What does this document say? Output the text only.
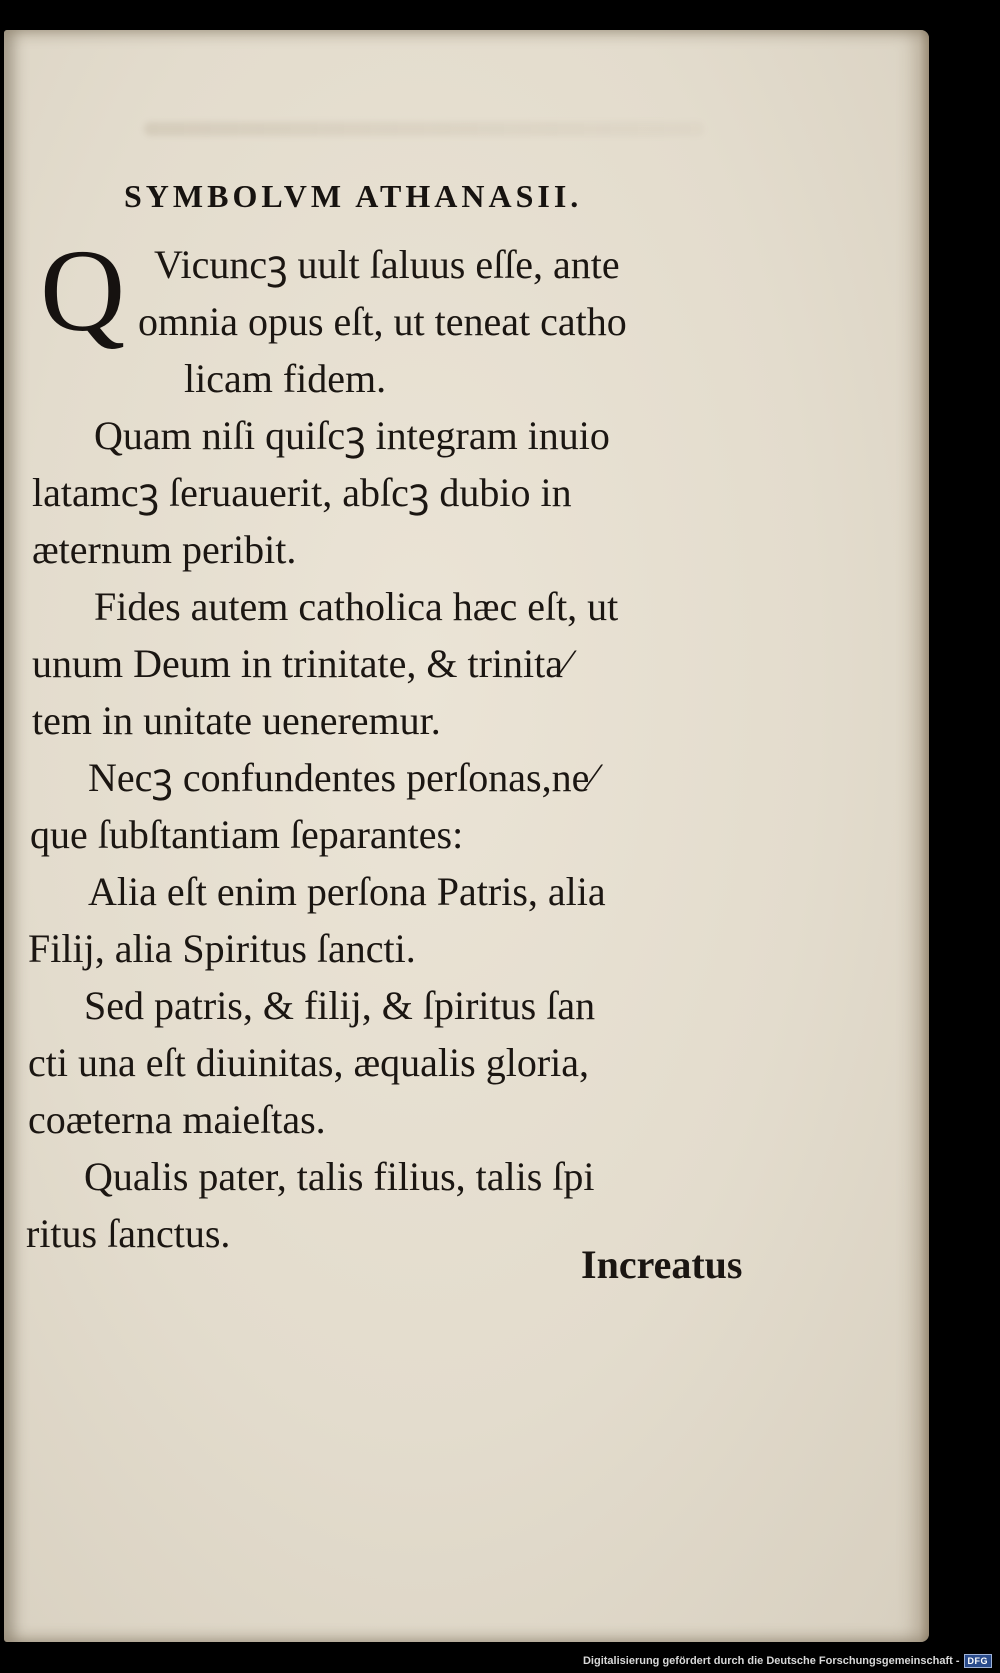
SYMBOLVM ATHANASII.
Q Vicuncꝫ uult ſaluus eſſe, ante
omnia opus eſt, ut teneat catho
licam fidem.
Quam niſi quiſcꝫ integram inuio
latamcꝫ ſeruauerit, abſcꝫ dubio in
æternum peribit.
Fides autem catholica hæc eſt, ut
unum Deum in trinitate, & trinita⁄
tem in unitate ueneremur.
Necꝫ confundentes perſonas,ne⁄
que ſubſtantiam ſeparantes:
Alia eſt enim perſona Patris, alia
Filij, alia Spiritus ſancti.
Sed patris, & filij, & ſpiritus ſan
cti una eſt diuinitas, æqualis gloria,
coæterna maieſtas.
Qualis pater, talis filius, talis ſpi
ritus ſanctus.
Increatus
Digitalisierung gefördert durch die Deutsche Forschungsgemeinschaft - DFG
